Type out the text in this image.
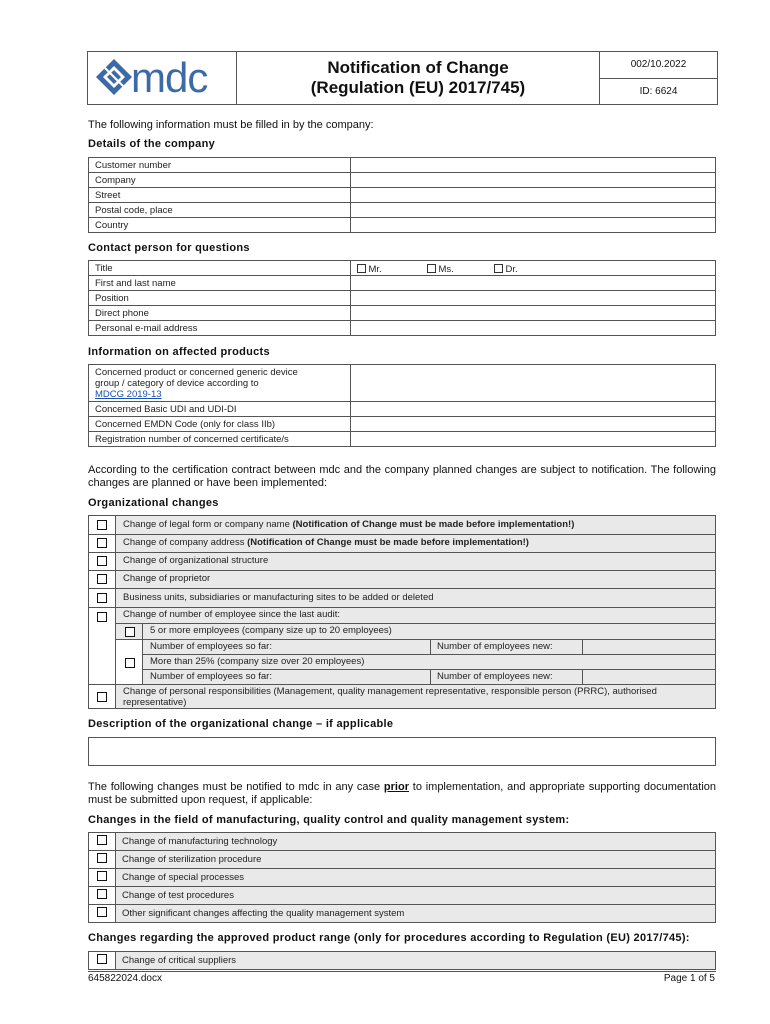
mdc	Notification of Change
(Regulation (EU) 2017/745)
002/10.2022
ID: 6624
The following information must be filled in by the company:
Details of the company
Customer number	
Company	
Street	
Postal code, place	
Country	
Contact person for questions
Title	Mr. Ms. Dr.

First and last name	
Position	
Direct phone	
Personal e-mail address	
Information on affected products
Concerned product or concerned generic device
group / category of device according to
MDCG 2019-13	

Concerned Basic UDI and UDI-DI	
Concerned EMDN Code (only for class IIb)	
Registration number of concerned certificate/s	
According to the certification contract between mdc and the company planned changes are subject to notification. The following changes are planned or have been implemented:
Organizational changes
Change of legal form or company name (Notification of Change must be made before implementation!)
Change of company address (Notification of Change must be made before implementation!)
Change of organizational structure
Change of proprietor
Business units, subsidiaries or manufacturing sites to be added or deleted
Change of number of employee since the last audit:
5 or more employees (company size up to 20 employees)
Number of employees so far:	Number of employees new:
More than 25% (company size over 20 employees)
Number of employees so far:	Number of employees new:
Change of personal responsibilities (Management, quality management representative, responsible person (PRRC), authorised representative)
Description of the organizational change – if applicable
The following changes must be notified to mdc in any case prior to implementation, and appropriate supporting documentation must be submitted upon request, if applicable:
Changes in the field of manufacturing, quality control and quality management system:
	Change of manufacturing technology
	Change of sterilization procedure
	Change of special processes
	Change of test procedures
	Other significant changes affecting the quality management system
Changes regarding the approved product range (only for procedures according to Regulation (EU) 2017/745):
	Change of critical suppliers
645822024.docx	Page 1 of 5
